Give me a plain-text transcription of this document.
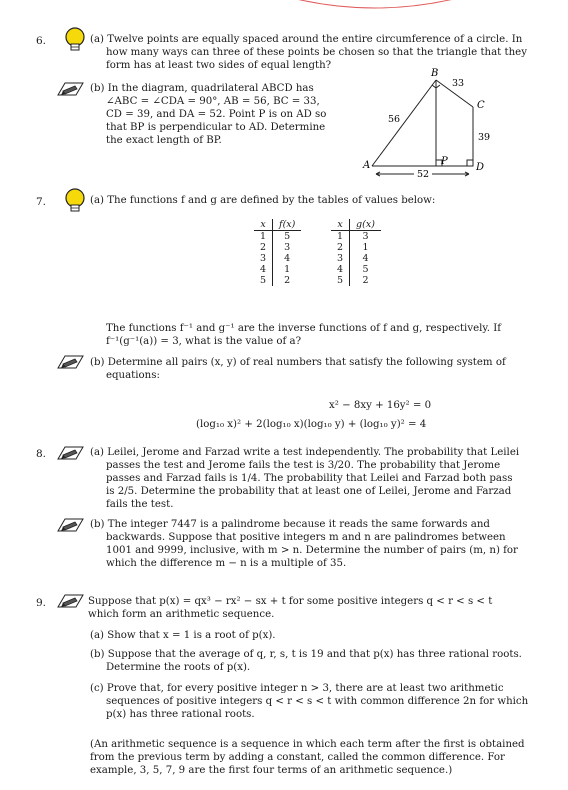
6.	(a) Twelve points are equally spaced around the entire circumference of a circle. In
how many ways can three of these points be chosen so that the triangle that they
form has at least two sides of equal length?
(b) In the diagram, quadrilateral ABCD has
∠ABC = ∠CDA = 90°, AB = 56, BC = 33,
CD = 39, and DA = 52. Point P is on AD so
that BP is perpendicular to AD. Determine
the exact length of BP.
A
B
C
D
P
56
33
39
52
7.	(a) The functions f and g are defined by the tables of values below:
x	f(x)
1	5
2	3
3	4
4	1
5	2
x	g(x)
1	3
2	1
3	4
4	5
5	2
The functions f⁻¹ and g⁻¹ are the inverse functions of f and g, respectively. If
f⁻¹(g⁻¹(a)) = 3, what is the value of a?
(b) Determine all pairs (x, y) of real numbers that satisfy the following system of
equations:
x² − 8xy + 16y² = 0
(log₁₀ x)² + 2(log₁₀ x)(log₁₀ y) + (log₁₀ y)² = 4
8.	(a) Leilei, Jerome and Farzad write a test independently. The probability that Leilei
passes the test and Jerome fails the test is 3/20. The probability that Jerome
passes and Farzad fails is 1/4. The probability that Leilei and Farzad both pass
is 2/5. Determine the probability that at least one of Leilei, Jerome and Farzad
fails the test.
(b) The integer 7447 is a palindrome because it reads the same forwards and
backwards. Suppose that positive integers m and n are palindromes between
1001 and 9999, inclusive, with m > n. Determine the number of pairs (m, n) for
which the difference m − n is a multiple of 35.
9.	Suppose that p(x) = qx³ − rx² − sx + t for some positive integers q < r < s < t
which form an arithmetic sequence.
(a) Show that x = 1 is a root of p(x).
(b) Suppose that the average of q, r, s, t is 19 and that p(x) has three rational roots.
Determine the roots of p(x).
(c) Prove that, for every positive integer n > 3, there are at least two arithmetic
sequences of positive integers q < r < s < t with common difference 2n for which
p(x) has three rational roots.
(An arithmetic sequence is a sequence in which each term after the first is obtained
from the previous term by adding a constant, called the common difference. For
example, 3, 5, 7, 9 are the first four terms of an arithmetic sequence.)
